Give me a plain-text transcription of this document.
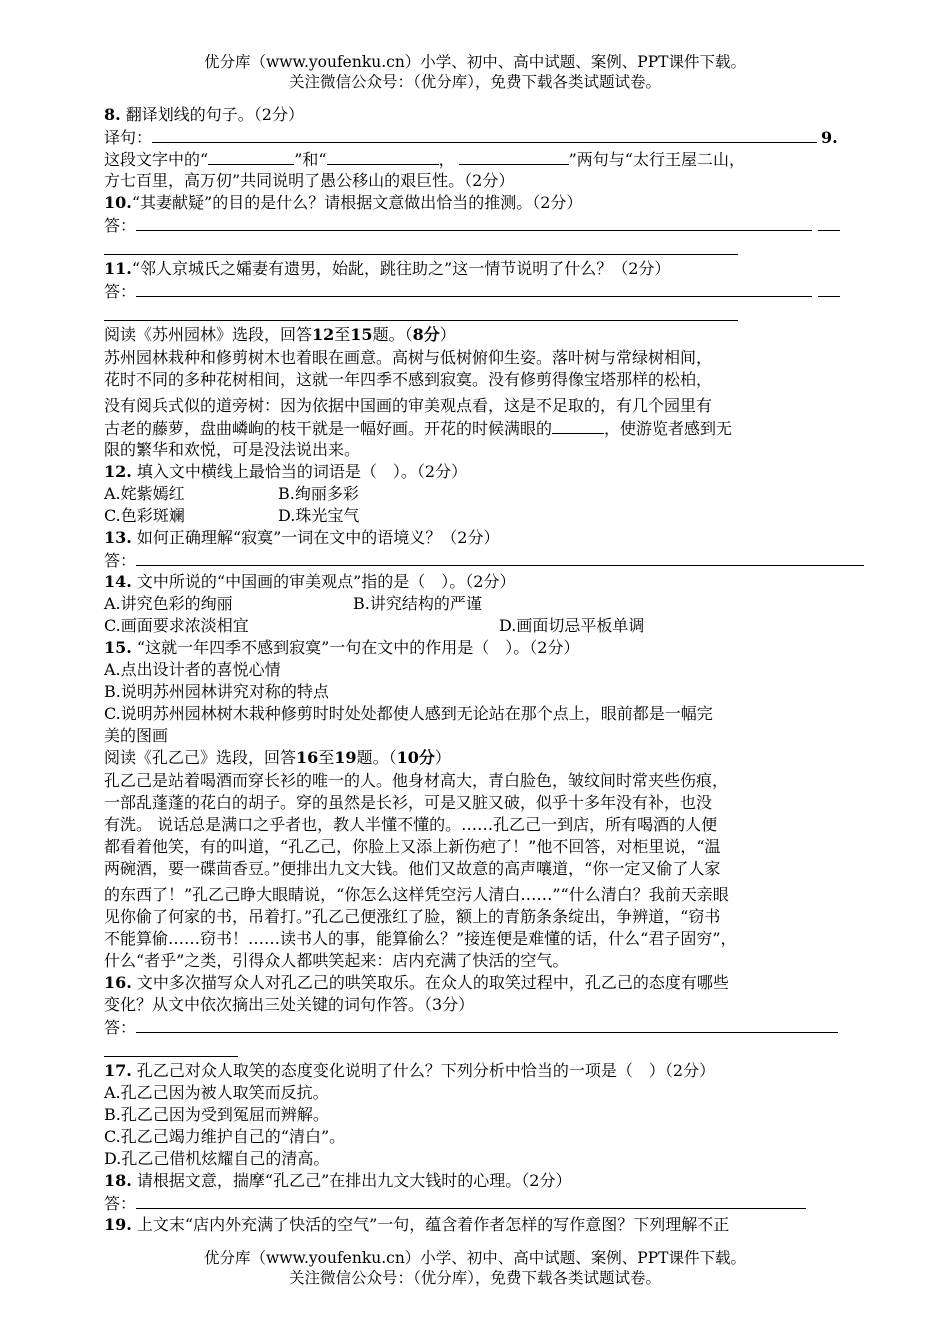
优分库（www.youfenku.cn）小学、初中、高中试题、案例、PPT课件下载。
关注微信公众号：（优分库），免费下载各类试题试卷。
8. 翻译划线的句子。（2分）
译句：	9.
这段文字中的“	”和“	，	”两句与“太行王屋二山，
方七百里，高万仞”共同说明了愚公移山的艰巨性。（2分）
10.“其妻献疑”的目的是什么？请根据文意做出恰当的推测。（2分）
答：
11.“邻人京城氏之孀妻有遗男，始龀，跳往助之”这一情节说明了什么？（2分）
答：
阅读《苏州园林》选段，回答12至15题。（8分）
苏州园林栽种和修剪树木也着眼在画意。高树与低树俯仰生姿。落叶树与常绿树相间，
花时不同的多种花树相间，这就一年四季不感到寂寞。没有修剪得像宝塔那样的松柏，
没有阅兵式似的道旁树：因为依据中国画的审美观点看，这是不足取的，有几个园里有
古老的藤萝，盘曲嶙峋的枝干就是一幅好画。开花的时候满眼的	，使游览者感到无
限的繁华和欢悦，可是没法说出来。
12. 填入文中横线上最恰当的词语是（　）。（2分）
A.姹紫嫣红	B.绚丽多彩
C.色彩斑斓	D.珠光宝气
13. 如何正确理解“寂寞”一词在文中的语境义？（2分）
答：
14. 文中所说的“中国画的审美观点”指的是（　）。（2分）
A.讲究色彩的绚丽	B.讲究结构的严谨
C.画面要求浓淡相宜	D.画面切忌平板单调
15. “这就一年四季不感到寂寞”一句在文中的作用是（　）。（2分）
A.点出设计者的喜悦心情
B.说明苏州园林讲究对称的特点
C.说明苏州园林树木栽种修剪时时处处都使人感到无论站在那个点上，眼前都是一幅完
美的图画
阅读《孔乙己》选段，回答16至19题。（10分）
孔乙己是站着喝酒而穿长衫的唯一的人。他身材高大，青白脸色，皱纹间时常夹些伤痕，
一部乱蓬蓬的花白的胡子。穿的虽然是长衫，可是又脏又破，似乎十多年没有补，也没
有洗。 说话总是满口之乎者也，教人半懂不懂的。……孔乙己一到店，所有喝酒的人便
都看着他笑，有的叫道，“孔乙己，你脸上又添上新伤疤了！”他不回答，对柜里说，“温
两碗酒，要一碟茴香豆。”便排出九文大钱。他们又故意的高声嚷道，“你一定又偷了人家
的东西了！”孔乙己睁大眼睛说，“你怎么这样凭空污人清白……”“什么清白？我前天亲眼
见你偷了何家的书，吊着打。”孔乙己便涨红了脸，额上的青筋条条绽出，争辨道，“窃书
不能算偷……窃书！……读书人的事，能算偷么？”接连便是难懂的话，什么“君子固穷”，
什么“者乎”之类，引得众人都哄笑起来：店内充满了快活的空气。
16. 文中多次描写众人对孔乙己的哄笑取乐。在众人的取笑过程中，孔乙己的态度有哪些
变化？从文中依次摘出三处关键的词句作答。（3分）
答：
17. 孔乙己对众人取笑的态度变化说明了什么？下列分析中恰当的一项是（　）（2分）
A.孔乙己因为被人取笑而反抗。
B.孔乙己因为受到冤屈而辨解。
C.孔乙己竭力维护自己的“清白”。
D.孔乙己借机炫耀自己的清高。
18. 请根据文意，揣摩“孔乙己”在排出九文大钱时的心理。（2分）
答：
19. 上文末“店内外充满了快活的空气”一句，蕴含着作者怎样的写作意图？下列理解不正
优分库（www.youfenku.cn）小学、初中、高中试题、案例、PPT课件下载。
关注微信公众号：（优分库），免费下载各类试题试卷。
